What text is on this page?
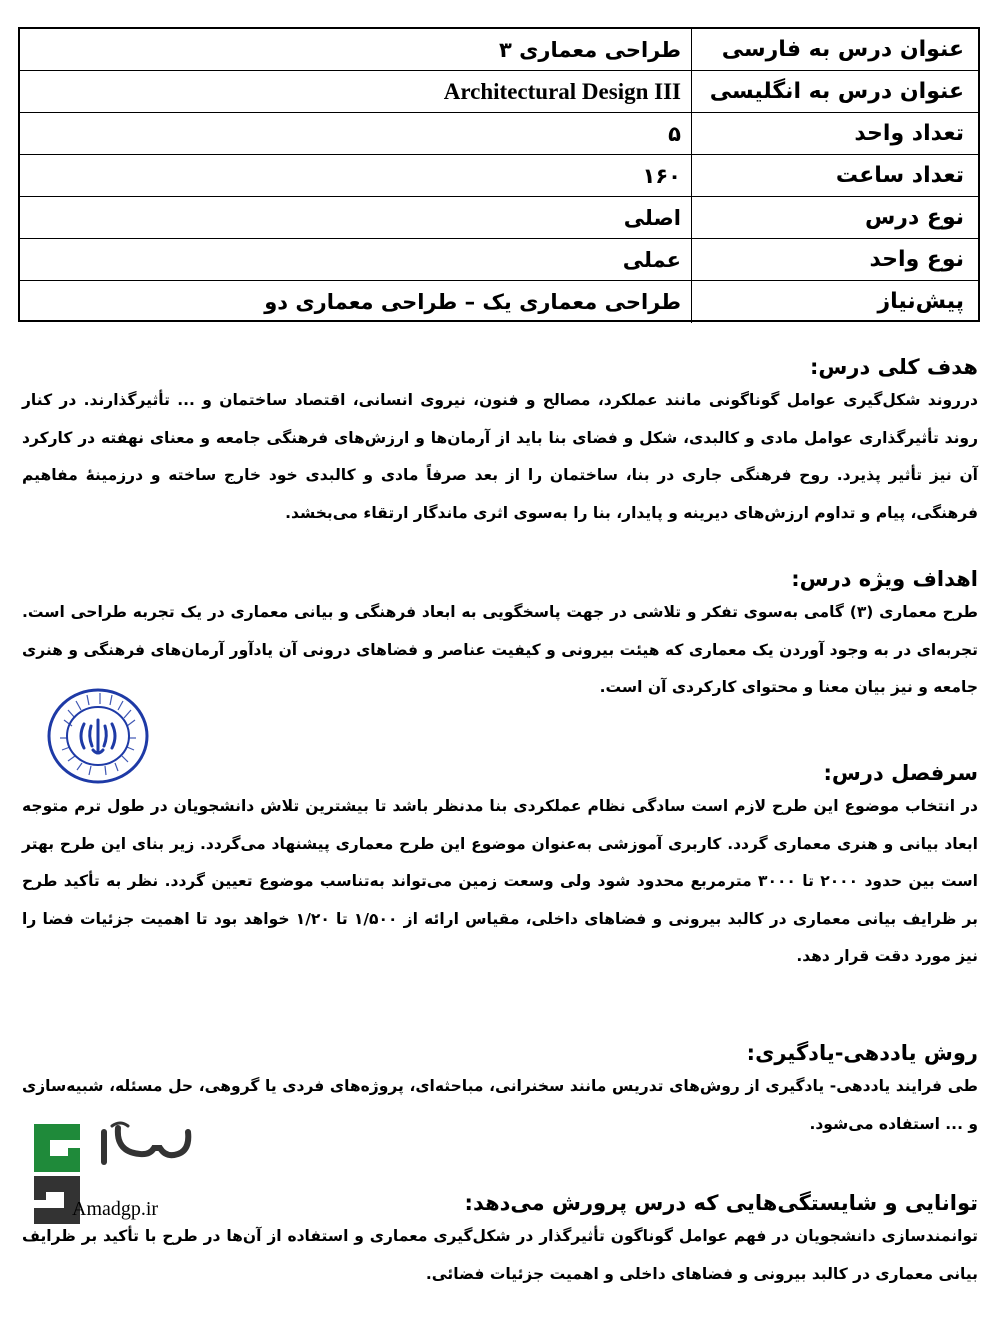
عنوان درس به فارسی
طراحی معماری ۳
عنوان درس به انگلیسی
Architectural Design III
تعداد واحد
۵
تعداد ساعت
۱۶۰
نوع درس
اصلی
نوع واحد
عملی
پیش‌نیاز
طراحی معماری یک – طراحی معماری دو
هدف کلی درس:

درروند شکل‌گیری عوامل گوناگونی مانند عملکرد، مصالح و فنون، نیروی انسانی، اقتصاد ساختمان و ... تأثیرگذارند. در کنار روند تأثیرگذاری عوامل مادی و کالبدی، شکل و فضای بنا باید از آرمان‌ها و ارزش‌های فرهنگی جامعه و معنای نهفته در کارکرد آن نیز تأثیر پذیرد. روح فرهنگی جاری در بنا، ساختمان را از بعد صرفاً مادی و کالبدی خود خارج ساخته و درزمینهٔ مفاهیم فرهنگی، پیام و تداوم ارزش‌های دیرینه و پایدار، بنا را به‌سوی اثری ماندگار ارتقاء می‌بخشد.

اهداف ویژه درس:

طرح معماری (۳) گامی به‌سوی تفکر و تلاشی در جهت پاسخگویی به ابعاد فرهنگی و بیانی معماری در یک تجربه طراحی است. تجربه‌ای در به وجود آوردن یک معماری که هیئت بیرونی و کیفیت عناصر و فضاهای درونی آن یادآور آرمان‌های فرهنگی و هنری جامعه و نیز بیان معنا و محتوای کارکردی آن است.

سرفصل درس:

در انتخاب موضوع این طرح لازم است سادگی نظام عملکردی بنا مدنظر باشد تا بیشترین تلاش دانشجویان در طول ترم متوجه ابعاد بیانی و هنری معماری گردد. کاربری آموزشی به‌عنوان موضوع این طرح معماری پیشنهاد می‌گردد. زیر بنای این طرح بهتر است بین حدود ۲۰۰۰ تا ۳۰۰۰ مترمربع محدود شود ولی وسعت زمین می‌تواند به‌تناسب موضوع تعیین گردد. نظر به تأکید طرح بر ظرایف بیانی معماری در کالبد بیرونی و فضاهای داخلی، مقیاس ارائه از ۱/۵۰۰ تا ۱/۲۰ خواهد بود تا اهمیت جزئیات فضا را نیز مورد دقت قرار دهد.

روش یاددهی-یادگیری:

طی فرایند یاددهی- یادگیری از روش‌های تدریس مانند سخنرانی، مباحثه‌ای، پروژه‌های فردی یا گروهی، حل مسئله، شبیه‌سازی و ... استفاده می‌شود.

توانایی و شایستگی‌هایی که درس پرورش می‌دهد:

توانمندسازی دانشجویان در فهم عوامل گوناگون تأثیرگذار در شکل‌گیری معماری و استفاده از آن‌ها در طرح با تأکید بر ظرایف بیانی معماری در کالبد بیرونی و فضاهای داخلی و اهمیت جزئیات فضائی.

Amadgp.ir
